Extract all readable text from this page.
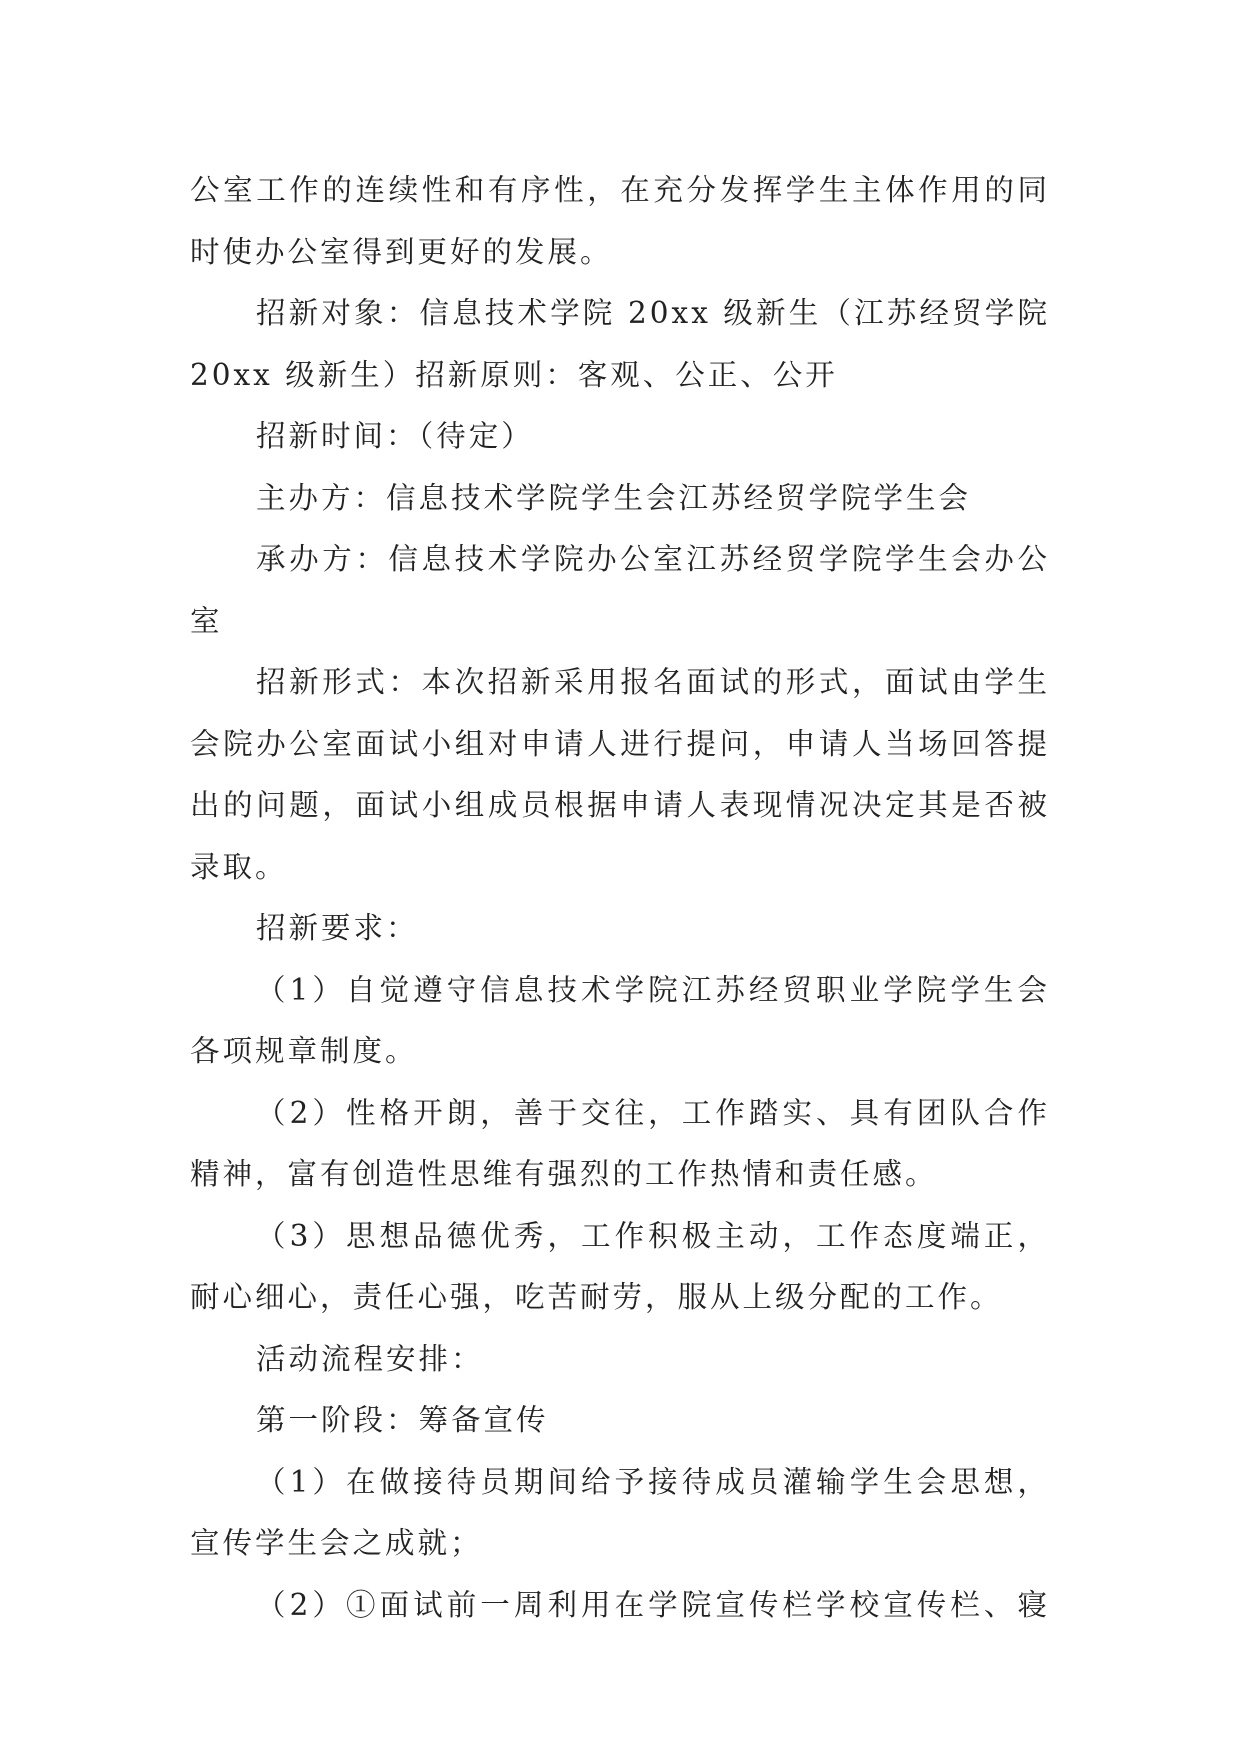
公室工作的连续性和有序性，在充分发挥学生主体作用的同
时使办公室得到更好的发展。

招新对象：信息技术学院 20xx 级新生（江苏经贸学院
20xx 级新生）招新原则：客观、公正、公开

招新时间：（待定）

主办方：信息技术学院学生会江苏经贸学院学生会

承办方：信息技术学院办公室江苏经贸学院学生会办公
室

招新形式：本次招新采用报名面试的形式，面试由学生
会院办公室面试小组对申请人进行提问，申请人当场回答提
出的问题，面试小组成员根据申请人表现情况决定其是否被
录取。

招新要求：

（1）自觉遵守信息技术学院江苏经贸职业学院学生会
各项规章制度。

（2）性格开朗，善于交往，工作踏实、具有团队合作
精神，富有创造性思维有强烈的工作热情和责任感。

（3）思想品德优秀，工作积极主动，工作态度端正，
耐心细心，责任心强，吃苦耐劳，服从上级分配的工作。

活动流程安排：

第一阶段：筹备宣传

（1）在做接待员期间给予接待成员灌输学生会思想，
宣传学生会之成就；

（2）①面试前一周利用在学院宣传栏学校宣传栏、寝
